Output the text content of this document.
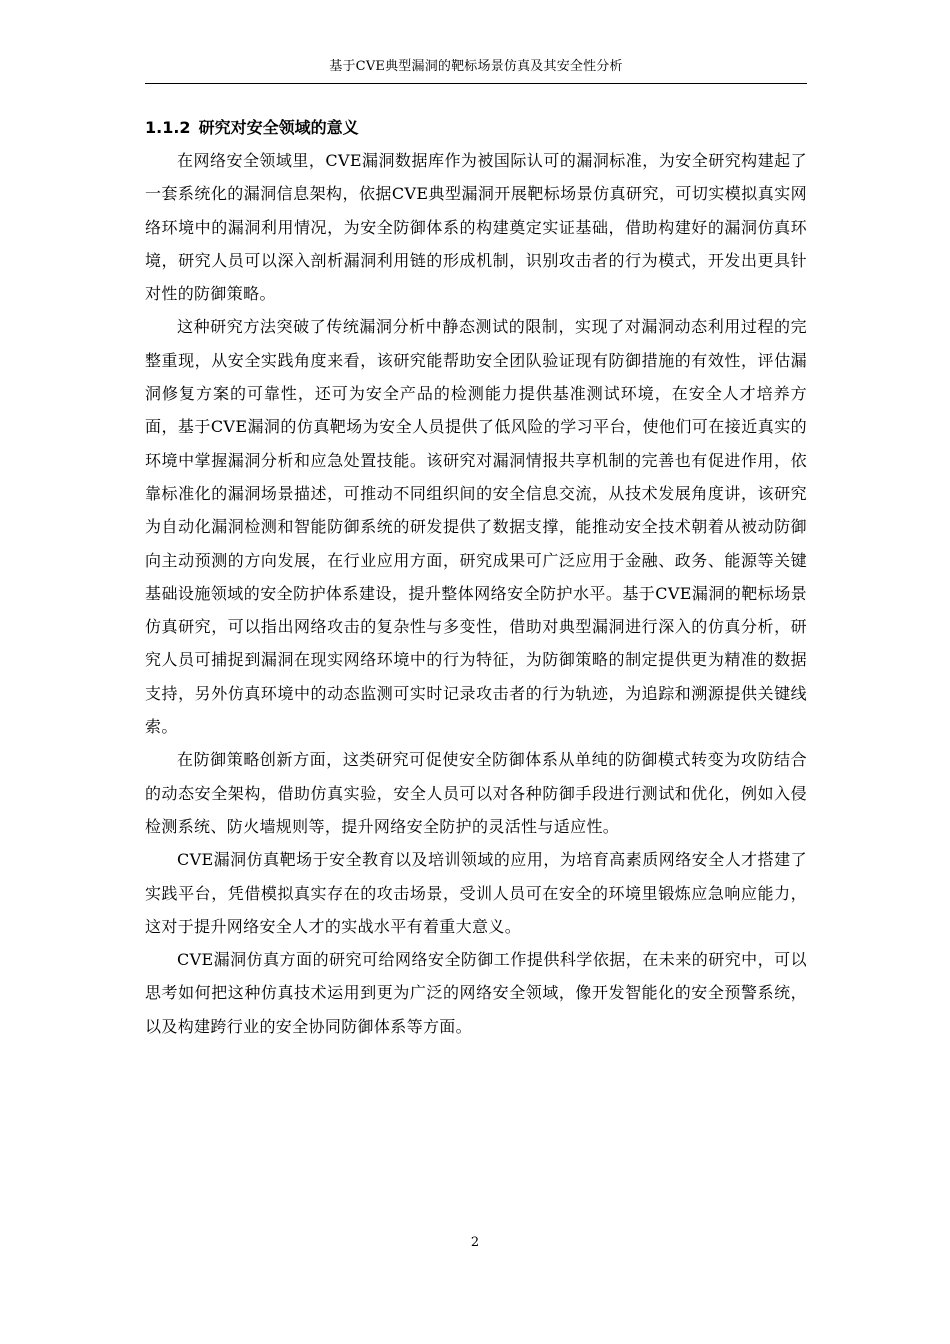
基于CVE典型漏洞的靶标场景仿真及其安全性分析
1.1.2 研究对安全领域的意义

在网络安全领域里，CVE漏洞数据库作为被国际认可的漏洞标准，为安全研究构建起了一套系统化的漏洞信息架构，依据CVE典型漏洞开展靶标场景仿真研究，可切实模拟真实网络环境中的漏洞利用情况，为安全防御体系的构建奠定实证基础，借助构建好的漏洞仿真环境，研究人员可以深入剖析漏洞利用链的形成机制，识别攻击者的行为模式，开发出更具针对性的防御策略。

这种研究方法突破了传统漏洞分析中静态测试的限制，实现了对漏洞动态利用过程的完整重现，从安全实践角度来看，该研究能帮助安全团队验证现有防御措施的有效性，评估漏洞修复方案的可靠性，还可为安全产品的检测能力提供基准测试环境，在安全人才培养方面，基于CVE漏洞的仿真靶场为安全人员提供了低风险的学习平台，使他们可在接近真实的环境中掌握漏洞分析和应急处置技能。该研究对漏洞情报共享机制的完善也有促进作用，依靠标准化的漏洞场景描述，可推动不同组织间的安全信息交流，从技术发展角度讲，该研究为自动化漏洞检测和智能防御系统的研发提供了数据支撑，能推动安全技术朝着从被动防御向主动预测的方向发展，在行业应用方面，研究成果可广泛应用于金融、政务、能源等关键基础设施领域的安全防护体系建设，提升整体网络安全防护水平。基于CVE漏洞的靶标场景仿真研究，可以指出网络攻击的复杂性与多变性，借助对典型漏洞进行深入的仿真分析，研究人员可捕捉到漏洞在现实网络环境中的行为特征，为防御策略的制定提供更为精准的数据支持，另外仿真环境中的动态监测可实时记录攻击者的行为轨迹，为追踪和溯源提供关键线索。

在防御策略创新方面，这类研究可促使安全防御体系从单纯的防御模式转变为攻防结合的动态安全架构，借助仿真实验，安全人员可以对各种防御手段进行测试和优化，例如入侵检测系统、防火墙规则等，提升网络安全防护的灵活性与适应性。

CVE漏洞仿真靶场于安全教育以及培训领域的应用，为培育高素质网络安全人才搭建了实践平台，凭借模拟真实存在的攻击场景，受训人员可在安全的环境里锻炼应急响应能力，这对于提升网络安全人才的实战水平有着重大意义。

CVE漏洞仿真方面的研究可给网络安全防御工作提供科学依据，在未来的研究中，可以思考如何把这种仿真技术运用到更为广泛的网络安全领域，像开发智能化的安全预警系统，以及构建跨行业的安全协同防御体系等方面。

2
